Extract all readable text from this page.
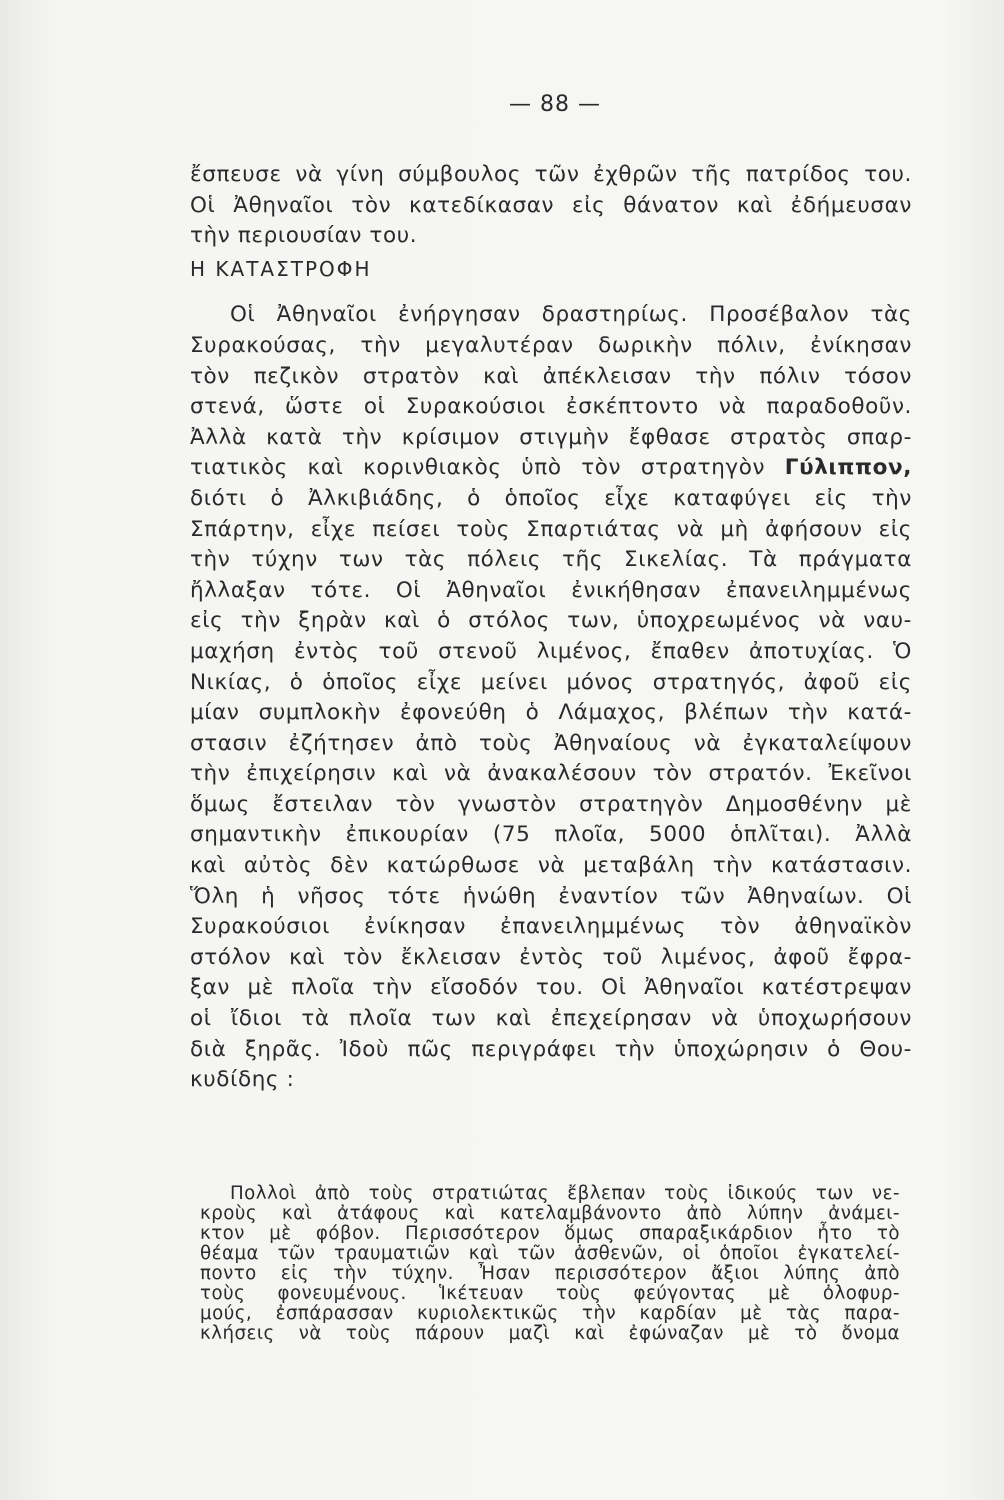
— 88 —
ἔσπευσε νὰ γίνη σύμβουλος τῶν ἐχθρῶν τῆς πατρίδος του.
Οἱ Ἀθηναῖοι τὸν κατεδίκασαν εἰς θάνατον καὶ ἐδήμευσαν
τὴν περιουσίαν του.
Η ΚΑΤΑΣΤΡΟΦΗ
Οἱ Ἀθηναῖοι ἐνήργησαν δραστηρίως. Προσέβαλον τὰς
Συρακούσας, τὴν μεγαλυτέραν δωρικὴν πόλιν, ἐνίκησαν
τὸν πεζικὸν στρατὸν καὶ ἀπέκλεισαν τὴν πόλιν τόσον
στενά, ὥστε οἱ Συρακούσιοι ἐσκέπτοντο νὰ παραδοθοῦν.
Ἀλλὰ κατὰ τὴν κρίσιμον στιγμὴν ἔφθασε στρατὸς σπαρ-
τιατικὸς καὶ κορινθιακὸς ὑπὸ τὸν στρατηγὸν Γύλιππον,
διότι ὁ Ἀλκιβιάδης, ὁ ὁποῖος εἶχε καταφύγει εἰς τὴν
Σπάρτην, εἶχε πείσει τοὺς Σπαρτιάτας νὰ μὴ ἀφήσουν εἰς
τὴν τύχην των τὰς πόλεις τῆς Σικελίας. Τὰ πράγματα
ἤλλαξαν τότε. Οἱ Ἀθηναῖοι ἐνικήθησαν ἐπανειλημμένως
εἰς τὴν ξηρὰν καὶ ὁ στόλος των, ὑποχρεωμένος νὰ ναυ-
μαχήση ἐντὸς τοῦ στενοῦ λιμένος, ἔπαθεν ἀποτυχίας. Ὁ
Νικίας, ὁ ὁποῖος εἶχε μείνει μόνος στρατηγός, ἀφοῦ εἰς
μίαν συμπλοκὴν ἐφονεύθη ὁ Λάμαχος, βλέπων τὴν κατά-
στασιν ἐζήτησεν ἀπὸ τοὺς Ἀθηναίους νὰ ἐγκαταλείψουν
τὴν ἐπιχείρησιν καὶ νὰ ἀνακαλέσουν τὸν στρατόν. Ἐκεῖνοι
ὅμως ἔστειλαν τὸν γνωστὸν στρατηγὸν Δημοσθένην μὲ
σημαντικὴν ἐπικουρίαν (75 πλοῖα, 5000 ὁπλῖται). Ἀλλὰ
καὶ αὐτὸς δὲν κατώρθωσε νὰ μεταβάλη τὴν κατάστασιν.
Ὅλη ἡ νῆσος τότε ἡνώθη ἐναντίον τῶν Ἀθηναίων. Οἱ
Συρακούσιοι ἐνίκησαν ἐπανειλημμένως τὸν ἀθηναϊκὸν
στόλον καὶ τὸν ἔκλεισαν ἐντὸς τοῦ λιμένος, ἀφοῦ ἔφρα-
ξαν μὲ πλοῖα τὴν εἴσοδόν του. Οἱ Ἀθηναῖοι κατέστρεψαν
οἱ ἴδιοι τὰ πλοῖα των καὶ ἐπεχείρησαν νὰ ὑποχωρήσουν
διὰ ξηρᾶς. Ἰδοὺ πῶς περιγράφει τὴν ὑποχώρησιν ὁ Θου-
κυδίδης :
Πολλοὶ ἀπὸ τοὺς στρατιώτας ἔβλεπαν τοὺς ἰδικούς των νε-
κροὺς καὶ ἀτάφους καὶ κατελαμβάνοντο ἀπὸ λύπην ἀνάμει-
κτον μὲ φόβον. Περισσότερον ὅμως σπαραξικάρδιον ἦτο τὸ
θέαμα τῶν τραυματιῶν καὶ τῶν ἀσθενῶν, οἱ ὁποῖοι ἐγκατελεί-
ποντο εἰς τὴν τύχην. Ἦσαν περισσότερον ἄξιοι λύπης ἀπὸ
τοὺς φονευμένους. Ἱκέτευαν τοὺς φεύγοντας μὲ ὀλοφυρ-
μούς, ἐσπάρασσαν κυριολεκτικῶς τὴν καρδίαν μὲ τὰς παρα-
κλήσεις νὰ τοὺς πάρουν μαζὶ καὶ ἐφώναζαν μὲ τὸ ὄνομα
